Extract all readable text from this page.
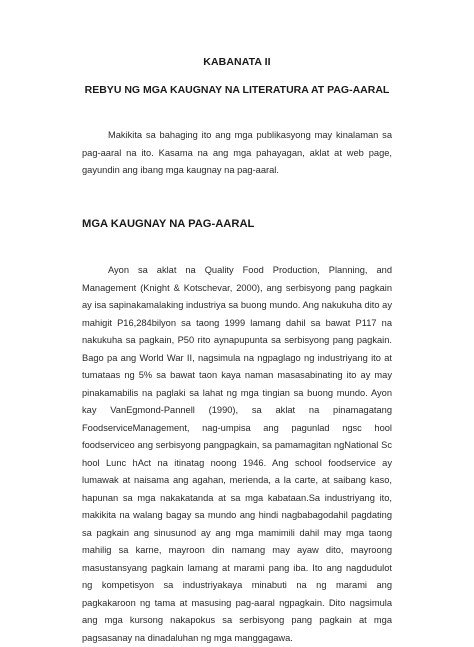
KABANATA II
REBYU NG MGA KAUGNAY NA LITERATURA AT PAG-AARAL

Makikita sa bahaging ito ang mga publikasyong may kinalaman sa pag-aaral na ito. Kasama na ang mga pahayagan, aklat at web page, gayundin ang ibang mga kaugnay na pag-aaral.

MGA KAUGNAY NA PAG-AARAL

Ayon sa aklat na Quality Food Production, Planning, and Management (Knight & Kotschevar, 2000), ang serbisyong pang pagkain ay isa sapinakamalaking industriya sa buong mundo. Ang nakukuha dito ay mahigit P16,284bilyon sa taong 1999 lamang dahil sa bawat P117 na nakukuha sa pagkain, P50 rito aynapupunta sa serbisyong pang pagkain. Bago pa ang World War II, nagsimula na ngpaglago ng industriyang ito at tumataas ng 5% sa bawat taon kaya naman masasabinating ito ay may pinakamabilis na paglaki sa lahat ng mga tingian sa buong mundo. Ayon kay VanEgmond-Pannell (1990), sa aklat na pinamagatang FoodserviceManagement, nag-umpisa ang pagunlad ngsc hool foodserviceo ang serbisyong pangpagkain, sa pamamagitan ngNational Sc hool Lunc hAct na itinatag noong 1946. Ang school foodservice ay lumawak at naisama ang agahan, merienda, a la carte, at saibang kaso, hapunan sa mga nakakatanda at sa mga kabataan.Sa industriyang ito, makikita na walang bagay sa mundo ang hindi nagbabagodahil pagdating sa pagkain ang sinusunod ay ang mga mamimili dahil may mga taong mahilig sa karne, mayroon din namang may ayaw dito, mayroong masustansyang pagkain lamang at marami pang iba. Ito ang nagdudulot ng kompetisyon sa industriyakaya minabuti na ng marami ang pagkakaroon ng tama at masusing pag-aaral ngpagkain. Dito nagsimula ang mga kursong nakapokus sa serbisyong pang pagkain at mga pagsasanay na dinadaluhan ng mga manggagawa.
